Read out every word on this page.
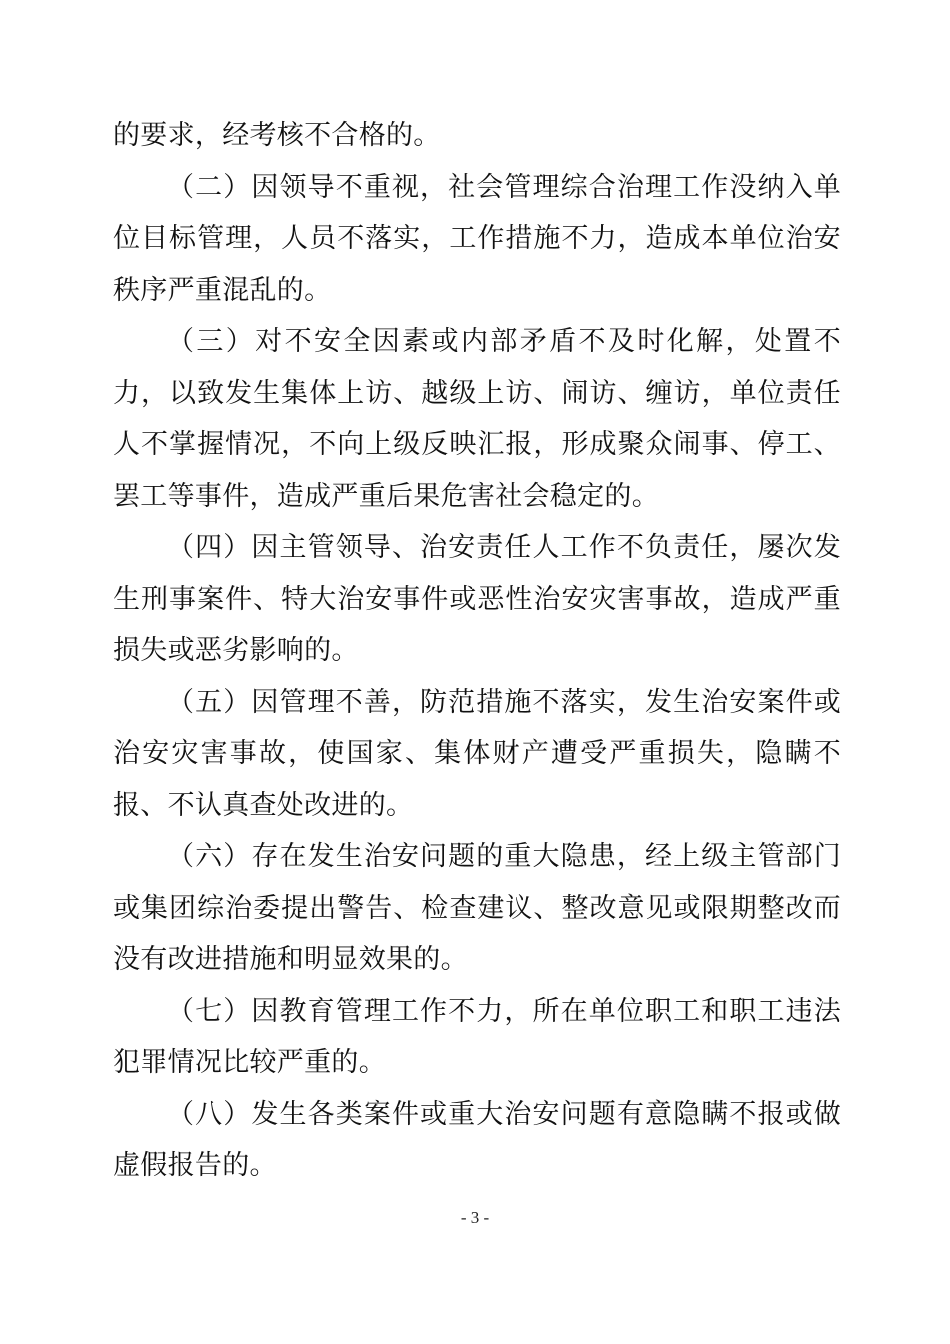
的要求，经考核不合格的。

（二）因领导不重视，社会管理综合治理工作没纳入单位目标管理，人员不落实，工作措施不力，造成本单位治安秩序严重混乱的。

（三）对不安全因素或内部矛盾不及时化解，处置不力，以致发生集体上访、越级上访、闹访、缠访，单位责任人不掌握情况，不向上级反映汇报，形成聚众闹事、停工、罢工等事件，造成严重后果危害社会稳定的。

（四）因主管领导、治安责任人工作不负责任，屡次发生刑事案件、特大治安事件或恶性治安灾害事故，造成严重损失或恶劣影响的。

（五）因管理不善，防范措施不落实，发生治安案件或治安灾害事故，使国家、集体财产遭受严重损失，隐瞒不报、不认真查处改进的。

（六）存在发生治安问题的重大隐患，经上级主管部门或集团综治委提出警告、检查建议、整改意见或限期整改而没有改进措施和明显效果的。

（七）因教育管理工作不力，所在单位职工和职工违法犯罪情况比较严重的。

（八）发生各类案件或重大治安问题有意隐瞒不报或做虚假报告的。

- 3 -
